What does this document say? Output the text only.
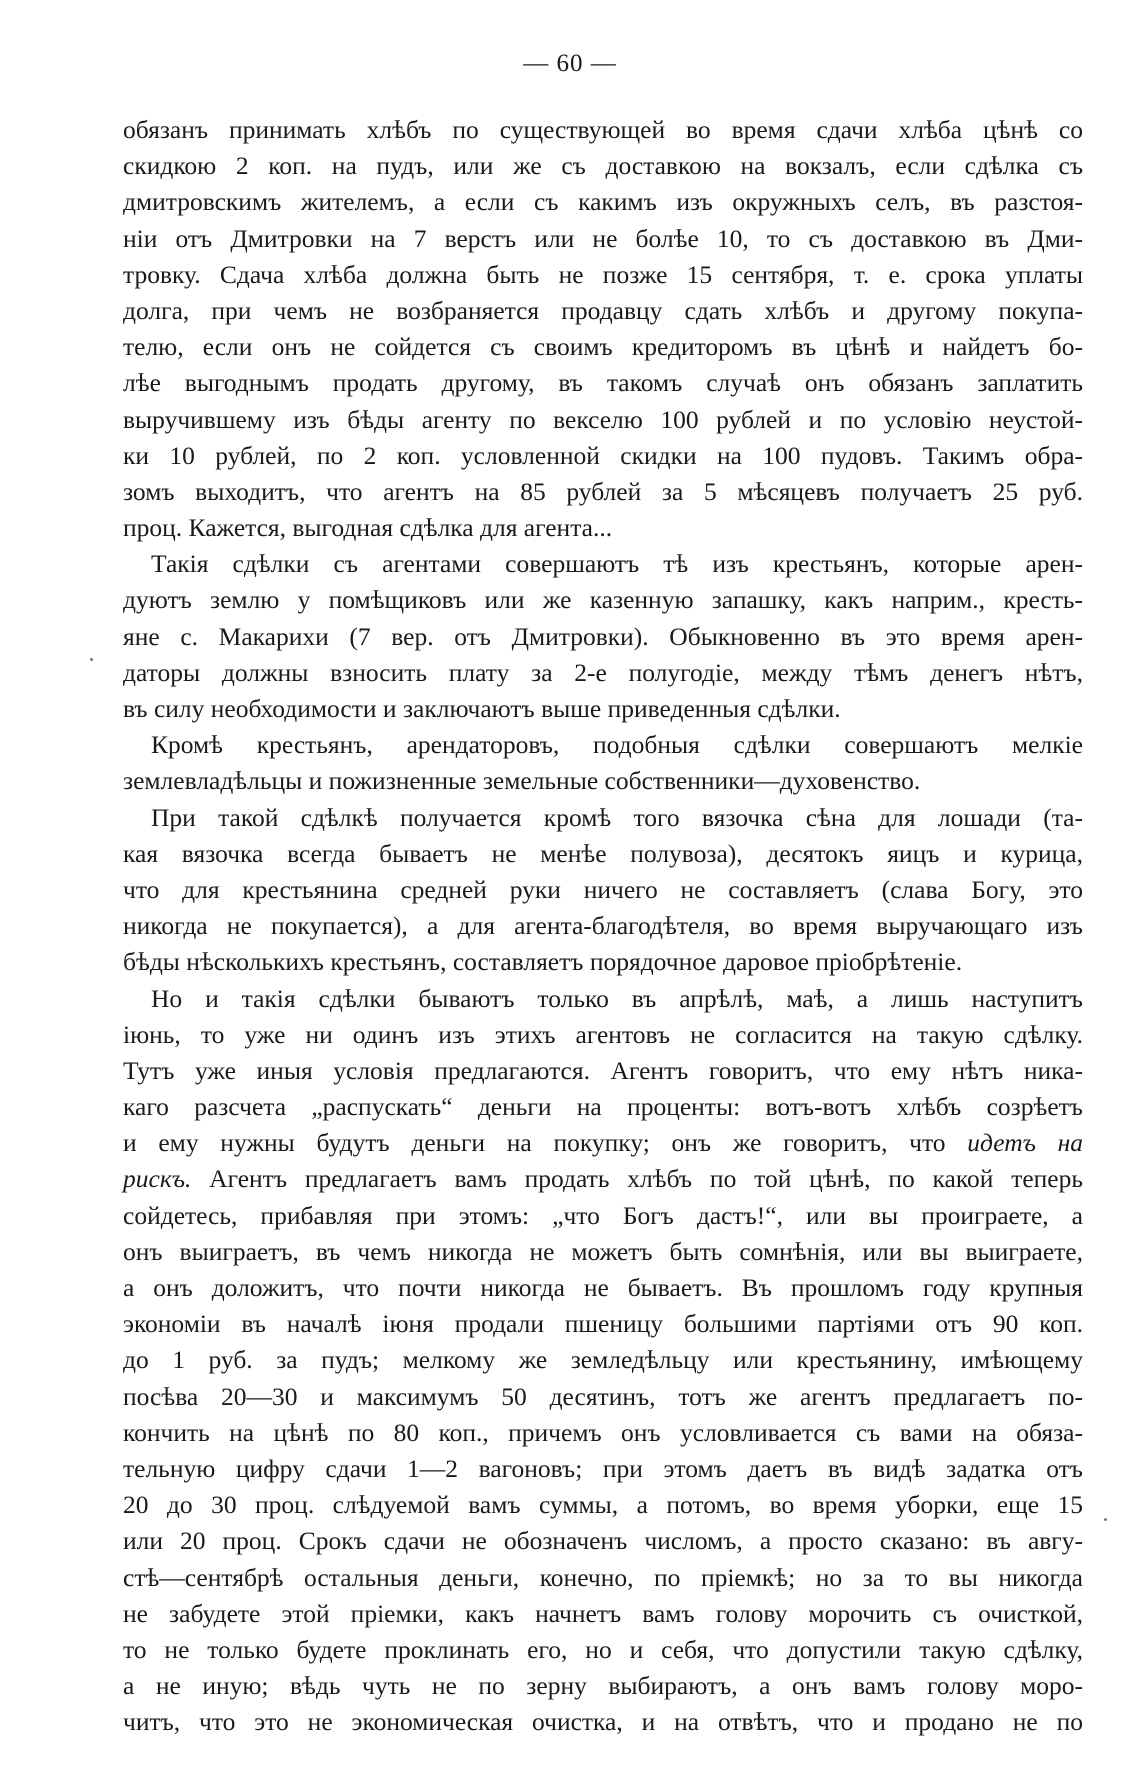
— 60 —
обязанъ принимать хлѣбъ по существующей во время сдачи хлѣба цѣнѣ со
скидкою 2 коп. на пудъ, или же съ доставкою на вокзалъ, если сдѣлка съ
дмитровскимъ жителемъ, а если съ какимъ изъ окружныхъ селъ, въ разстоя-
ніи отъ Дмитровки на 7 верстъ или не болѣе 10, то съ доставкою въ Дми-
тровку. Сдача хлѣба должна быть не позже 15 сентября, т. е. срока уплаты
долга, при чемъ не возбраняется продавцу сдать хлѣбъ и другому покупа-
телю, если онъ не сойдется съ своимъ кредиторомъ въ цѣнѣ и найдетъ бо-
лѣе выгоднымъ продать другому, въ такомъ случаѣ онъ обязанъ заплатить
выручившему изъ бѣды агенту по векселю 100 рублей и по условію неустой-
ки 10 рублей, по 2 коп. условленной скидки на 100 пудовъ. Такимъ обра-
зомъ выходитъ, что агентъ на 85 рублей за 5 мѣсяцевъ получаетъ 25 руб.
проц. Кажется, выгодная сдѣлка для агента...
Такія сдѣлки съ агентами совершаютъ тѣ изъ крестьянъ, которые арен-
дуютъ землю у помѣщиковъ или же казенную запашку, какъ наприм., кресть-
яне с. Макарихи (7 вер. отъ Дмитровки). Обыкновенно въ это время арен-
даторы должны взносить плату за 2-е полугодіе, между тѣмъ денегъ нѣтъ,
въ силу необходимости и заключаютъ выше приведенныя сдѣлки.
Кромѣ крестьянъ, арендаторовъ, подобныя сдѣлки совершаютъ мелкіе
землевладѣльцы и пожизненные земельные собственники—духовенство.
При такой сдѣлкѣ получается кромѣ того вязочка сѣна для лошади (та-
кая вязочка всегда бываетъ не менѣе полувоза), десятокъ яицъ и курица,
что для крестьянина средней руки ничего не составляетъ (слава Богу, это
никогда не покупается), а для агента-благодѣтеля, во время выручающаго изъ
бѣды нѣсколькихъ крестьянъ, составляетъ порядочное даровое пріобрѣтеніе.
Но и такія сдѣлки бываютъ только въ апрѣлѣ, маѣ, а лишь наступитъ
іюнь, то уже ни одинъ изъ этихъ агентовъ не согласится на такую сдѣлку.
Тутъ уже иныя условія предлагаются. Агентъ говоритъ, что ему нѣтъ ника-
каго разсчета „распускать“ деньги на проценты: вотъ-вотъ хлѣбъ созрѣетъ
и ему нужны будутъ деньги на покупку; онъ же говоритъ, что идетъ на
рискъ. Агентъ предлагаетъ вамъ продать хлѣбъ по той цѣнѣ, по какой теперь
сойдетесь, прибавляя при этомъ: „что Богъ дастъ!“, или вы проиграете, а
онъ выиграетъ, въ чемъ никогда не можетъ быть сомнѣнія, или вы выиграете,
а онъ доложитъ, что почти никогда не бываетъ. Въ прошломъ году крупныя
экономіи въ началѣ іюня продали пшеницу большими партіями отъ 90 коп.
до 1 руб. за пудъ; мелкому же земледѣльцу или крестьянину, имѣющему
посѣва 20—30 и максимумъ 50 десятинъ, тотъ же агентъ предлагаетъ по-
кончить на цѣнѣ по 80 коп., причемъ онъ условливается съ вами на обяза-
тельную цифру сдачи 1—2 вагоновъ; при этомъ даетъ въ видѣ задатка отъ
20 до 30 проц. слѣдуемой вамъ суммы, а потомъ, во время уборки, еще 15
или 20 проц. Срокъ сдачи не обозначенъ числомъ, а просто сказано: въ авгу-
стѣ—сентябрѣ остальныя деньги, конечно, по пріемкѣ; но за то вы никогда
не забудете этой пріемки, какъ начнетъ вамъ голову морочить съ очисткой,
то не только будете проклинать его, но и себя, что допустили такую сдѣлку,
а не иную; вѣдь чуть не по зерну выбираютъ, а онъ вамъ голову моро-
читъ, что это не экономическая очистка, и на отвѣтъ, что и продано не по
